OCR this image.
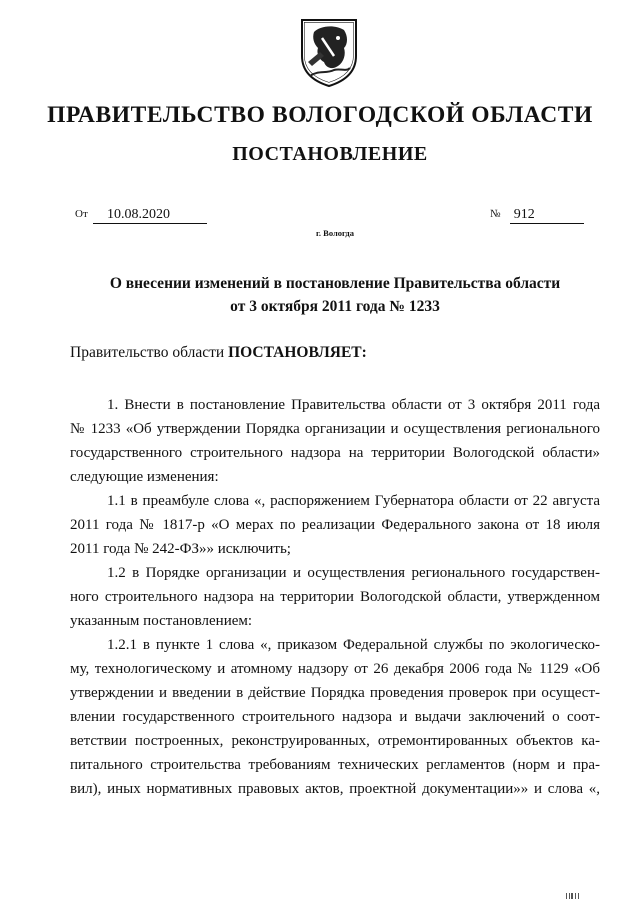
ПРАВИТЕЛЬСТВО ВОЛОГОДСКОЙ ОБЛАСТИ
ПОСТАНОВЛЕНИЕ
От 10.08.2020	№ 912
г. Вологда
О внесении изменений в постановление Правительства области
от 3 октября 2011 года № 1233
Правительство области ПОСТАНОВЛЯЕТ:
1. Внести в постановление Правительства области от 3 октября 2011 года
№ 1233 «Об утверждении Порядка организации и осуществления регионального
государственного строительного надзора на территории Вологодской области»
следующие изменения:
1.1 в преамбуле слова «, распоряжением Губернатора области от 22 августа
2011 года № 1817-р «О мерах по реализации Федерального закона от 18 июля
2011 года № 242-ФЗ»» исключить;
1.2 в Порядке организации и осуществления регионального государствен-
ного строительного надзора на территории Вологодской области, утвержденном
указанным постановлением:
1.2.1 в пункте 1 слова «, приказом Федеральной службы по экологическо-
му, технологическому и атомному надзору от 26 декабря 2006 года № 1129 «Об
утверждении и введении в действие Порядка проведения проверок при осущест-
влении государственного строительного надзора и выдачи заключений о соот-
ветствии построенных, реконструированных, отремонтированных объектов ка-
питального строительства требованиям технических регламентов (норм и пра-
вил), иных нормативных правовых актов, проектной документации»» и слова «,
